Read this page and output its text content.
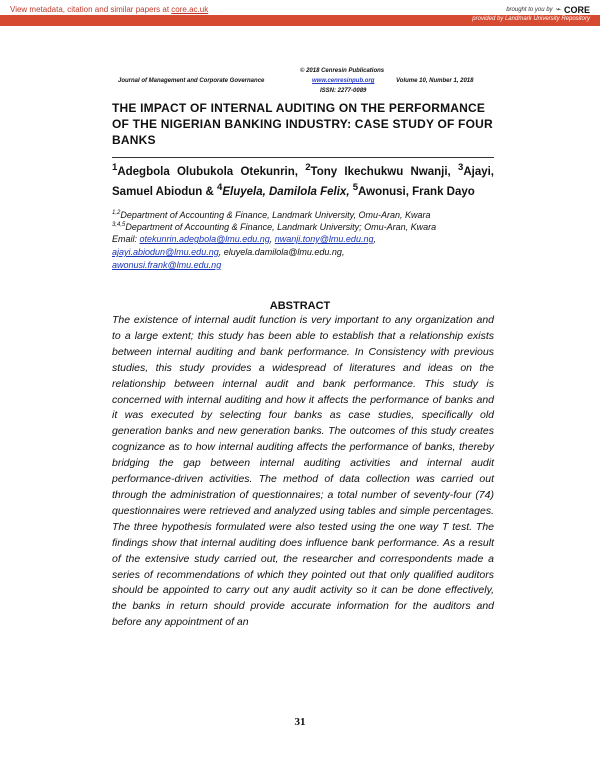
View metadata, citation and similar papers at core.ac.uk	brought to you by ⌁ CORE
provided by Landmark University Repository
© 2018 Cenresin Publications
Journal of Management and Corporate Governance	www.cenresinpub.org	Volume 10, Number 1, 2018
ISSN: 2277-0089
THE IMPACT OF INTERNAL AUDITING ON THE PERFORMANCE OF THE NIGERIAN BANKING INDUSTRY: CASE STUDY OF FOUR BANKS
$^1$Adegbola Olubukola Otekunrin, $^2$Tony Ikechukwu Nwanji, $^3$Ajayi, Samuel Abiodun & $^4$Eluyela, Damilola Felix, $^5$Awonusi, Frank Dayo
$^{1,2}$Department of Accounting & Finance, Landmark University, Omu-Aran, Kwara
$^{3,4,5}$Department of Accounting & Finance, Landmark University; Omu-Aran, Kwara
Email: otekunrin.adegbola@lmu.edu.ng, nwanji.tony@lmu.edu.ng,
ajayi.abiodun@lmu.edu.ng, eluyela.damilola@lmu.edu.ng,
awonusi.frank@lmu.edu.ng
ABSTRACT
The existence of internal audit function is very important to any organization and to a large extent; this study has been able to establish that a relationship exists between internal auditing and bank performance. In Consistency with previous studies, this study provides a widespread of literatures and ideas on the relationship between internal audit and bank performance. This study is concerned with internal auditing and how it affects the performance of banks and it was executed by selecting four banks as case studies, specifically old generation banks and new generation banks. The outcomes of this study creates cognizance as to how internal auditing affects the performance of banks, thereby bridging the gap between internal auditing activities and internal audit performance-driven activities. The method of data collection was carried out through the administration of questionnaires; a total number of seventy-four (74) questionnaires were retrieved and analyzed using tables and simple percentages. The three hypothesis formulated were also tested using the one way T test. The findings show that internal auditing does influence bank performance. As a result of the extensive study carried out, the researcher and correspondents made a series of recommendations of which they pointed out that only qualified auditors should be appointed to carry out any audit activity so it can be done effectively, the banks in return should provide accurate information for the auditors and before any appointment of an
31
